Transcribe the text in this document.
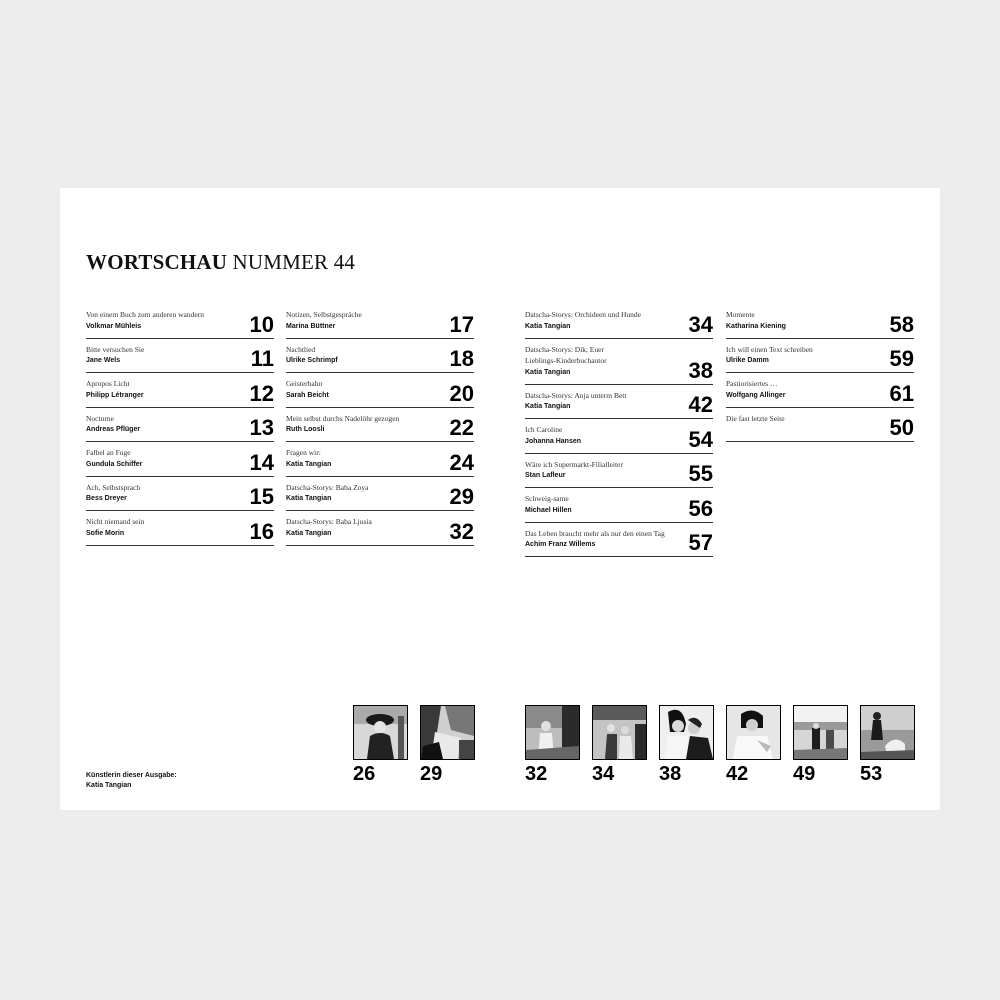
WORTSCHAU NUMMER 44
Von einem Buch zum anderen wandern
Volkmar Mühleis	10
Bitte versuchen Sie
Jane Wels	11
Apropos Licht
Philipp Létranger	12
Nocturne
Andreas Pflüger	13
Falbel an Fuge
Gundula Schiffer	14
Ach, Selbstsprach
Bess Dreyer	15
Nicht niemand sein
Sofie Morin	16
Notizen, Selbstgespräche
Marina Büttner	17
Nachtlied
Ulrike Schrimpf	18
Geisterbahn
Sarah Beicht	20
Mein selbst durchs Nadelöhr gezogen
Ruth Loosli	22
Fragen wir:
Katia Tangian	24
Datscha-Storys: Baba Zoya
Katia Tangian	29
Datscha-Storys: Baba Ljusia
Katia Tangian	32
Datscha-Storys: Orchideen und Hunde
Katia Tangian	34
Datscha-Storys: Dik, Euer Lieblings-Kinderbuchautor
Katia Tangian	38
Datscha-Storys: Anja unterm Bett
Katia Tangian	42
Ich Caroline
Johanna Hansen	54
Wäre ich Supermarkt-Filialleiter
Stan Lafleur	55
Schweig-same
Michael Hillen	56
Das Leben braucht mehr als nur den einen Tag
Achim Franz Willems	57
Momente
Katharina Kiening	58
Ich will einen Text schreiben
Ulrike Damm	59
Pastiorisiertes …
Wolfgang Allinger	61
Die fast letzte Seite	50
Künstlerin dieser Ausgabe:
Katia Tangian
26	29	32	34	38	42	49	53
